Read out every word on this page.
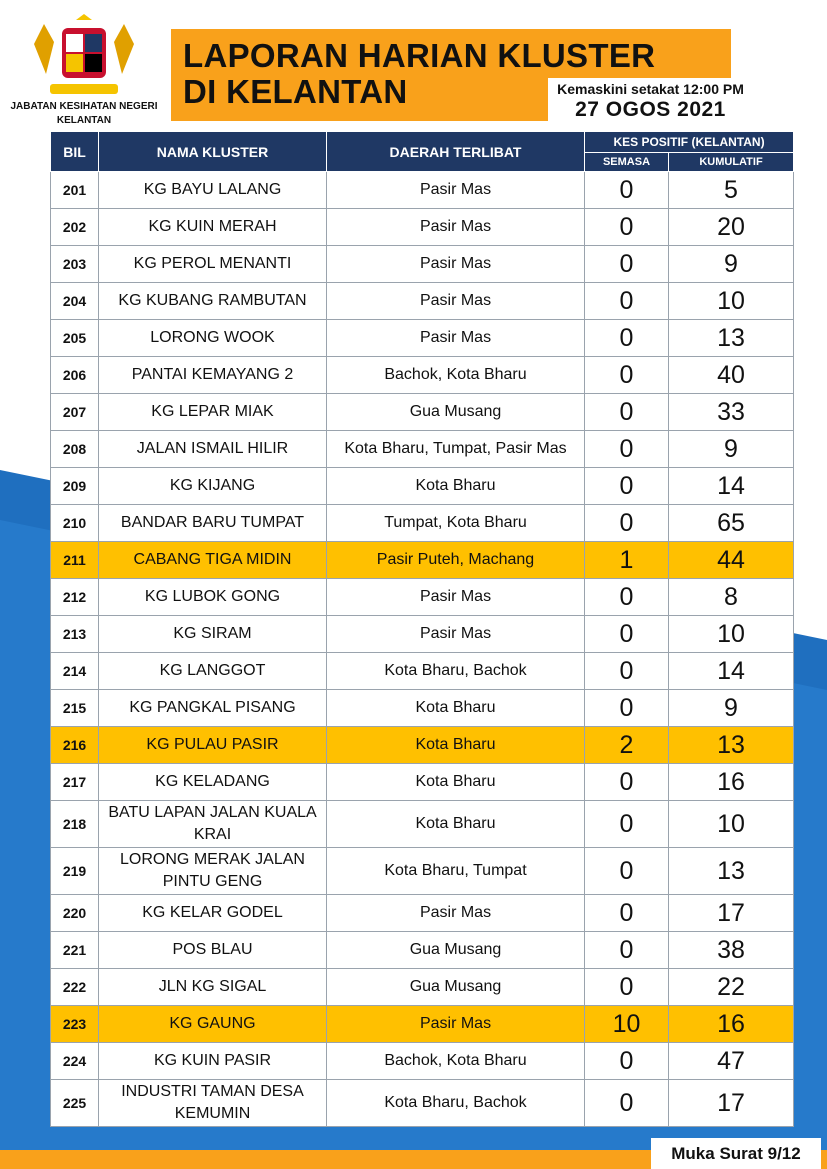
JABATAN KESIHATAN NEGERI KELANTAN
LAPORAN HARIAN KLUSTER
DI KELANTAN	Kemaskini setakat 12:00 PM
27 OGOS 2021
BIL	NAMA KLUSTER	DAERAH TERLIBAT	KES POSITIF (KELANTAN)	
			SEMASA	KUMULATIF
201	KG BAYU LALANG	Pasir Mas	0	5
202	KG KUIN MERAH	Pasir Mas	0	20
203	KG PEROL MENANTI	Pasir Mas	0	9
204	KG KUBANG RAMBUTAN	Pasir Mas	0	10
205	LORONG WOOK	Pasir Mas	0	13
206	PANTAI KEMAYANG 2	Bachok, Kota Bharu	0	40
207	KG LEPAR MIAK	Gua Musang	0	33
208	JALAN ISMAIL HILIR	Kota Bharu, Tumpat, Pasir Mas	0	9
209	KG KIJANG	Kota Bharu	0	14
210	BANDAR BARU TUMPAT	Tumpat, Kota Bharu	0	65
211	CABANG TIGA MIDIN	Pasir Puteh, Machang	1	44
212	KG LUBOK GONG	Pasir Mas	0	8
213	KG SIRAM	Pasir Mas	0	10
214	KG LANGGOT	Kota Bharu, Bachok	0	14
215	KG PANGKAL PISANG	Kota Bharu	0	9
216	KG PULAU PASIR	Kota Bharu	2	13
217	KG KELADANG	Kota Bharu	0	16
218	BATU LAPAN JALAN KUALA KRAI	Kota Bharu	0	10
219	LORONG MERAK JALAN PINTU GENG	Kota Bharu, Tumpat	0	13
220	KG KELAR GODEL	Pasir Mas	0	17
221	POS BLAU	Gua Musang	0	38
222	JLN KG SIGAL	Gua Musang	0	22
223	KG GAUNG	Pasir Mas	10	16
224	KG KUIN PASIR	Bachok, Kota Bharu	0	47
225	INDUSTRI TAMAN DESA KEMUMIN	Kota Bharu, Bachok	0	17
Muka Surat 9/12
